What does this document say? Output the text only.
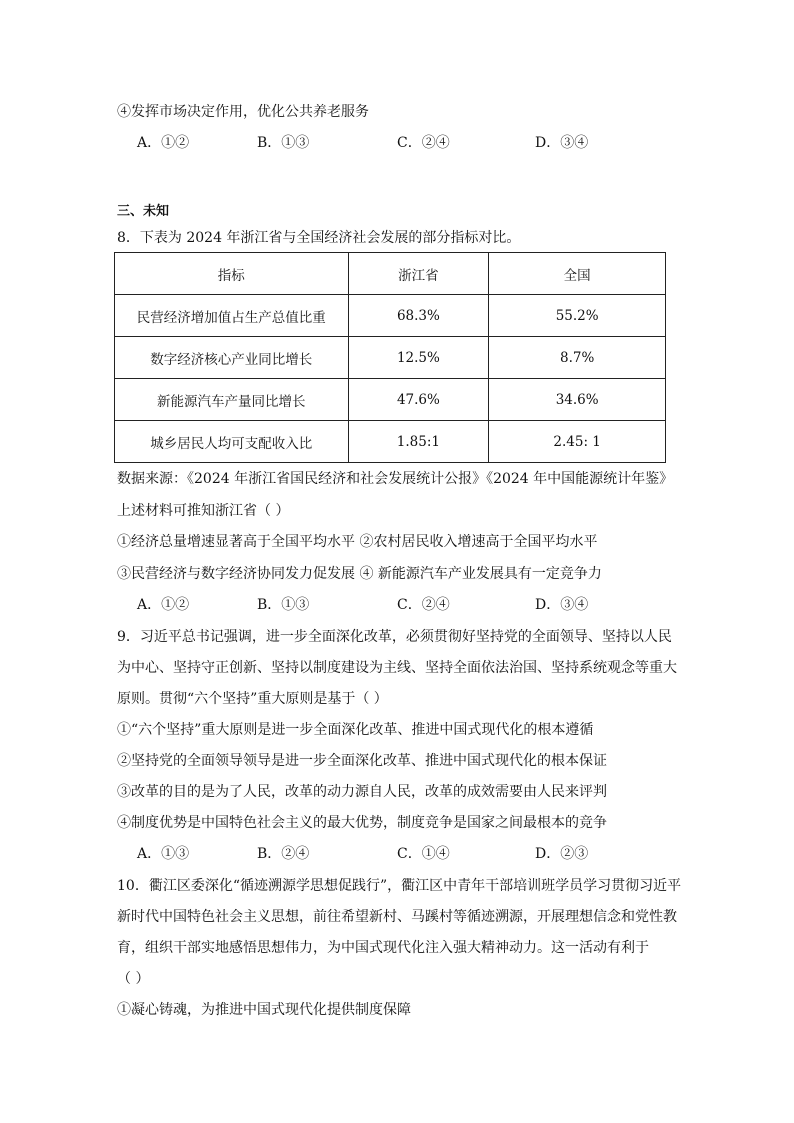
④发挥市场决定作用，优化公共养老服务
A．①②	B．①③	C．②④	D．③④
三、未知
8．下表为 2024 年浙江省与全国经济社会发展的部分指标对比。
指标	浙江省	全国
民营经济增加值占生产总值比重	68.3%	55.2%
数字经济核心产业同比增长	12.5%	8.7%
新能源汽车产量同比增长	47.6%	34.6%
城乡居民人均可支配收入比	1.85:1	2.45: 1
数据来源：《2024 年浙江省国民经济和社会发展统计公报》《2024 年中国能源统计年鉴》
上述材料可推知浙江省（ ）
①经济总量增速显著高于全国平均水平 ②农村居民收入增速高于全国平均水平
③民营经济与数字经济协同发力促发展 ④ 新能源汽车产业发展具有一定竞争力
A．①②	B．①③	C．②④	D．③④
9．习近平总书记强调，进一步全面深化改革，必须贯彻好坚持党的全面领导、坚持以人民
为中心、坚持守正创新、坚持以制度建设为主线、坚持全面依法治国、坚持系统观念等重大
原则。贯彻“六个坚持”重大原则是基于（ ）
①“六个坚持”重大原则是进一步全面深化改革、推进中国式现代化的根本遵循
②坚持党的全面领导领导是进一步全面深化改革、推进中国式现代化的根本保证
③改革的目的是为了人民，改革的动力源自人民，改革的成效需要由人民来评判
④制度优势是中国特色社会主义的最大优势，制度竞争是国家之间最根本的竞争
A．①③	B．②④	C．①④	D．②③
10．衢江区委深化“循迹溯源学思想促践行”，衢江区中青年干部培训班学员学习贯彻习近平
新时代中国特色社会主义思想，前往希望新村、马蹊村等循迹溯源，开展理想信念和党性教
育，组织干部实地感悟思想伟力，为中国式现代化注入强大精神动力。这一活动有利于
（ ）
①凝心铸魂，为推进中国式现代化提供制度保障
